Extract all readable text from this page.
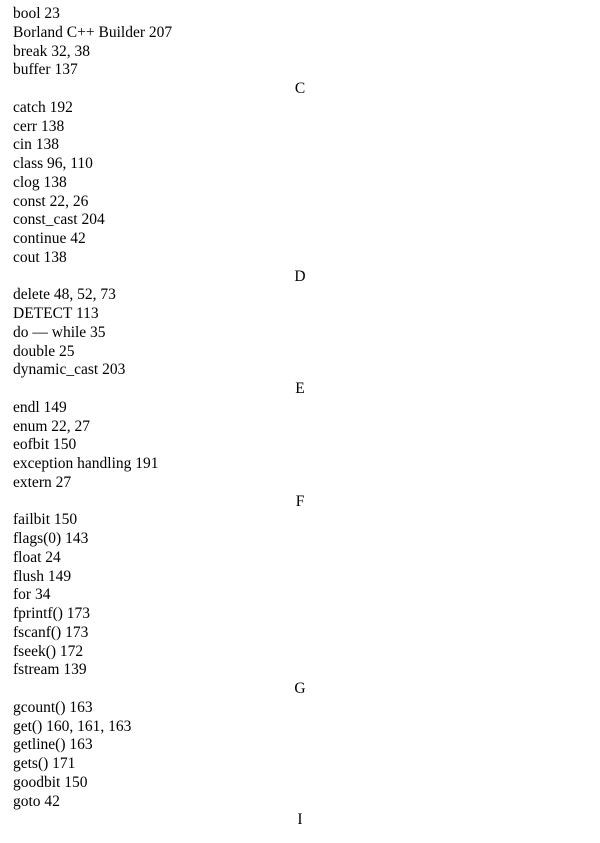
bool 23
Borland C++ Builder 207
break 32, 38
buffer 137
C
catch 192
cerr 138
cin 138
class 96, 110
clog 138
const 22, 26
const_cast 204
continue 42
cout 138
D
delete 48, 52, 73
DETECT 113
do — while 35
double 25
dynamic_cast 203
E
endl 149
enum 22, 27
eofbit 150
exception handling 191
extern 27
F
failbit 150
flags(0) 143
float 24
flush 149
for 34
fprintf() 173
fscanf() 173
fseek() 172
fstream 139
G
gcount() 163
get() 160, 161, 163
getline() 163
gets() 171
goodbit 150
goto 42
I
